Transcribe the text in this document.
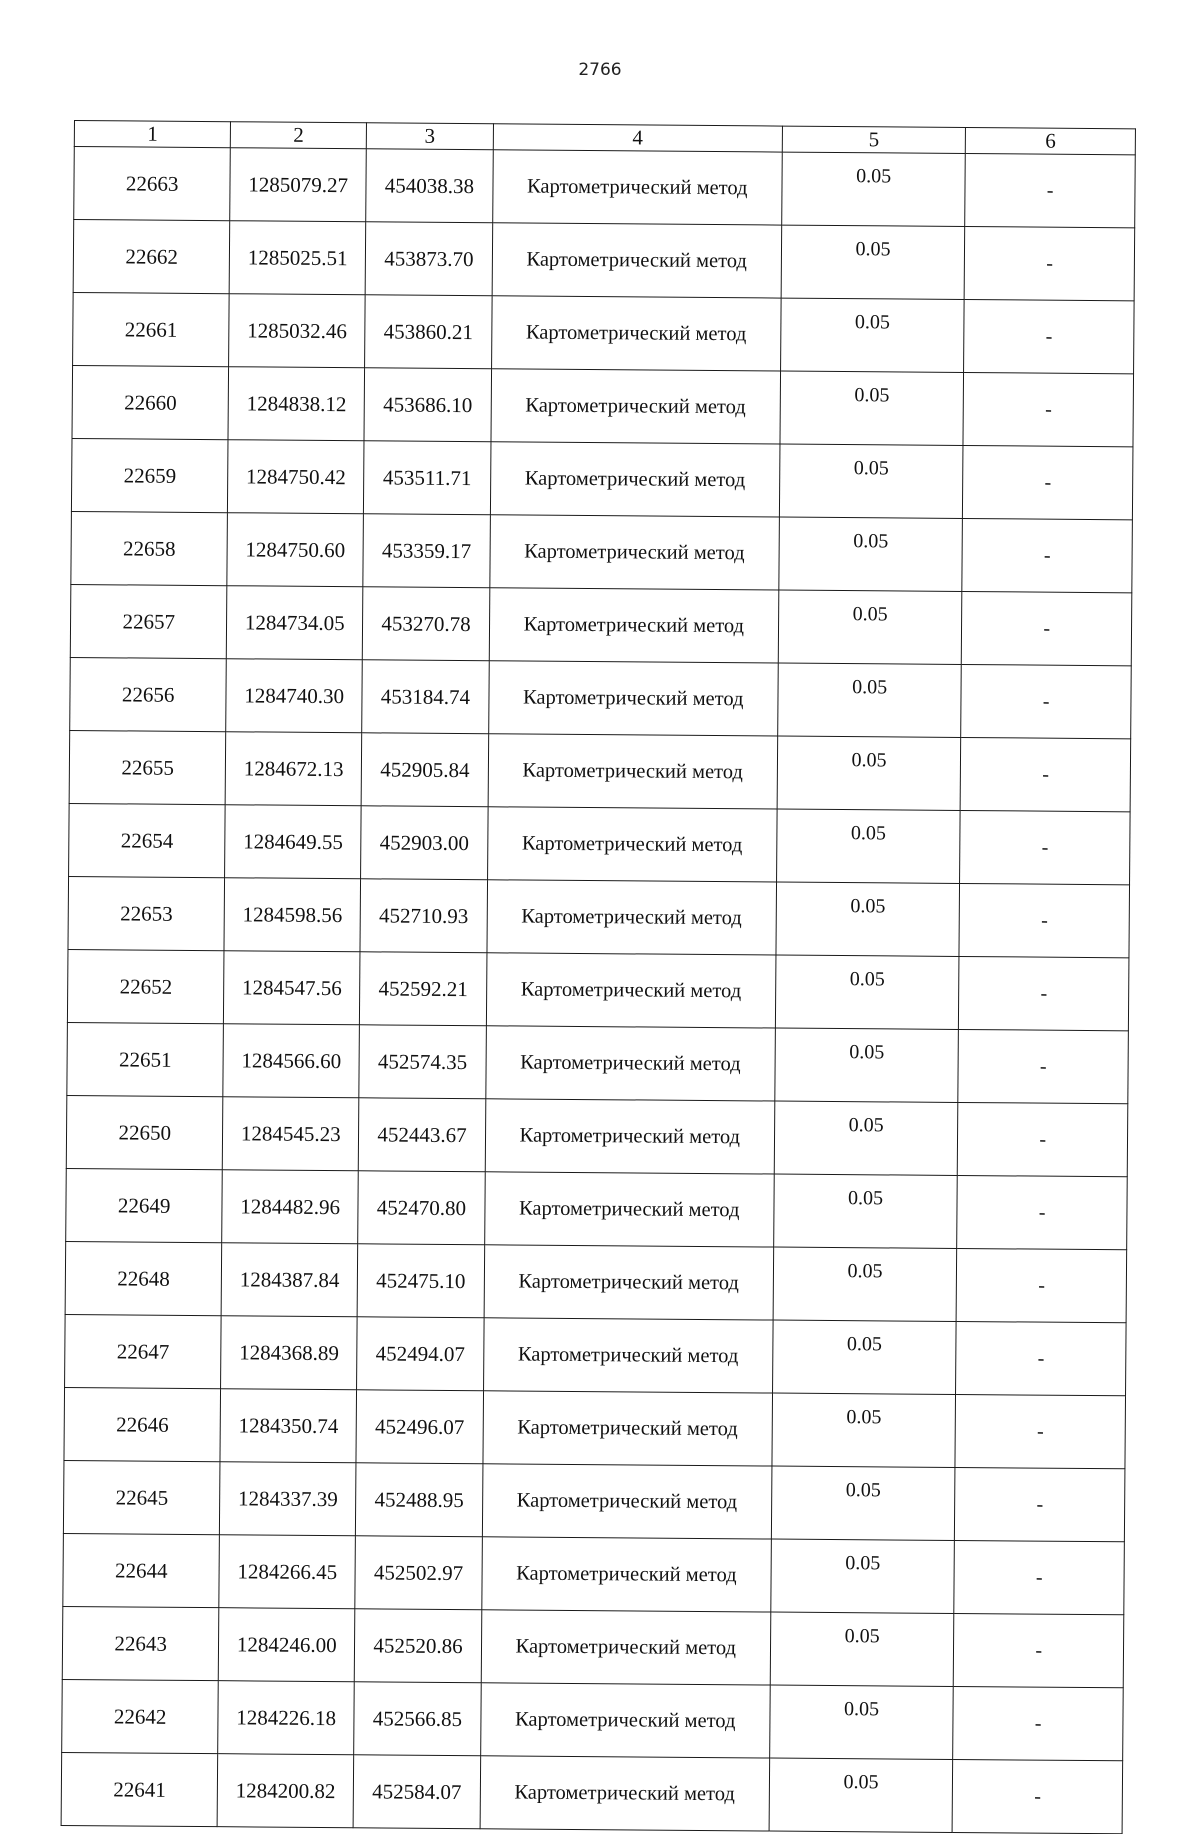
2766
1	2	3	4	5	6
22663	1285079.27	454038.38	Картометрический метод	0.05	-
22662	1285025.51	453873.70	Картометрический метод	0.05	-
22661	1285032.46	453860.21	Картометрический метод	0.05	-
22660	1284838.12	453686.10	Картометрический метод	0.05	-
22659	1284750.42	453511.71	Картометрический метод	0.05	-
22658	1284750.60	453359.17	Картометрический метод	0.05	-
22657	1284734.05	453270.78	Картометрический метод	0.05	-
22656	1284740.30	453184.74	Картометрический метод	0.05	-
22655	1284672.13	452905.84	Картометрический метод	0.05	-
22654	1284649.55	452903.00	Картометрический метод	0.05	-
22653	1284598.56	452710.93	Картометрический метод	0.05	-
22652	1284547.56	452592.21	Картометрический метод	0.05	-
22651	1284566.60	452574.35	Картометрический метод	0.05	-
22650	1284545.23	452443.67	Картометрический метод	0.05	-
22649	1284482.96	452470.80	Картометрический метод	0.05	-
22648	1284387.84	452475.10	Картометрический метод	0.05	-
22647	1284368.89	452494.07	Картометрический метод	0.05	-
22646	1284350.74	452496.07	Картометрический метод	0.05	-
22645	1284337.39	452488.95	Картометрический метод	0.05	-
22644	1284266.45	452502.97	Картометрический метод	0.05	-
22643	1284246.00	452520.86	Картометрический метод	0.05	-
22642	1284226.18	452566.85	Картометрический метод	0.05	-
22641	1284200.82	452584.07	Картометрический метод	0.05	-
